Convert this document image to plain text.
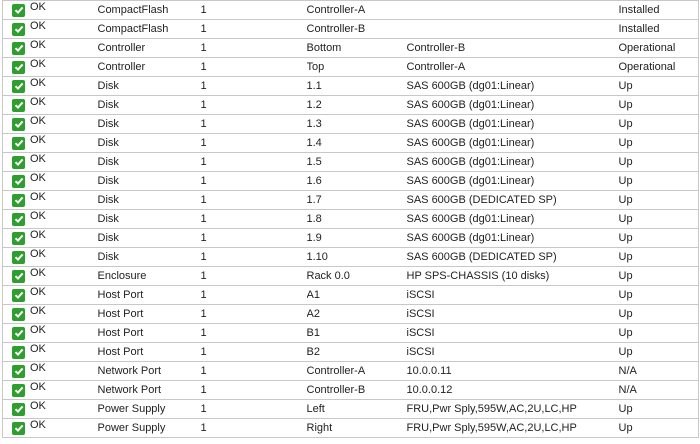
OK	CompactFlash	1	Controller-A		Installed

OK	CompactFlash	1	Controller-B		Installed

OK	Controller	1	Bottom	Controller-B	Operational

OK	Controller	1	Top	Controller-A	Operational

OK	Disk	1	1.1	SAS 600GB (dg01:Linear)	Up

OK	Disk	1	1.2	SAS 600GB (dg01:Linear)	Up

OK	Disk	1	1.3	SAS 600GB (dg01:Linear)	Up

OK	Disk	1	1.4	SAS 600GB (dg01:Linear)	Up

OK	Disk	1	1.5	SAS 600GB (dg01:Linear)	Up

OK	Disk	1	1.6	SAS 600GB (dg01:Linear)	Up

OK	Disk	1	1.7	SAS 600GB (DEDICATED SP)	Up

OK	Disk	1	1.8	SAS 600GB (dg01:Linear)	Up

OK	Disk	1	1.9	SAS 600GB (dg01:Linear)	Up

OK	Disk	1	1.10	SAS 600GB (DEDICATED SP)	Up

OK	Enclosure	1	Rack 0.0	HP SPS-CHASSIS (10 disks)	Up

OK	Host Port	1	A1	iSCSI	Up

OK	Host Port	1	A2	iSCSI	Up

OK	Host Port	1	B1	iSCSI	Up

OK	Host Port	1	B2	iSCSI	Up

OK	Network Port	1	Controller-A	10.0.0.11	N/A

OK	Network Port	1	Controller-B	10.0.0.12	N/A

OK	Power Supply	1	Left	FRU,Pwr Sply,595W,AC,2U,LC,HP	Up

OK	Power Supply	1	Right	FRU,Pwr Sply,595W,AC,2U,LC,HP	Up
